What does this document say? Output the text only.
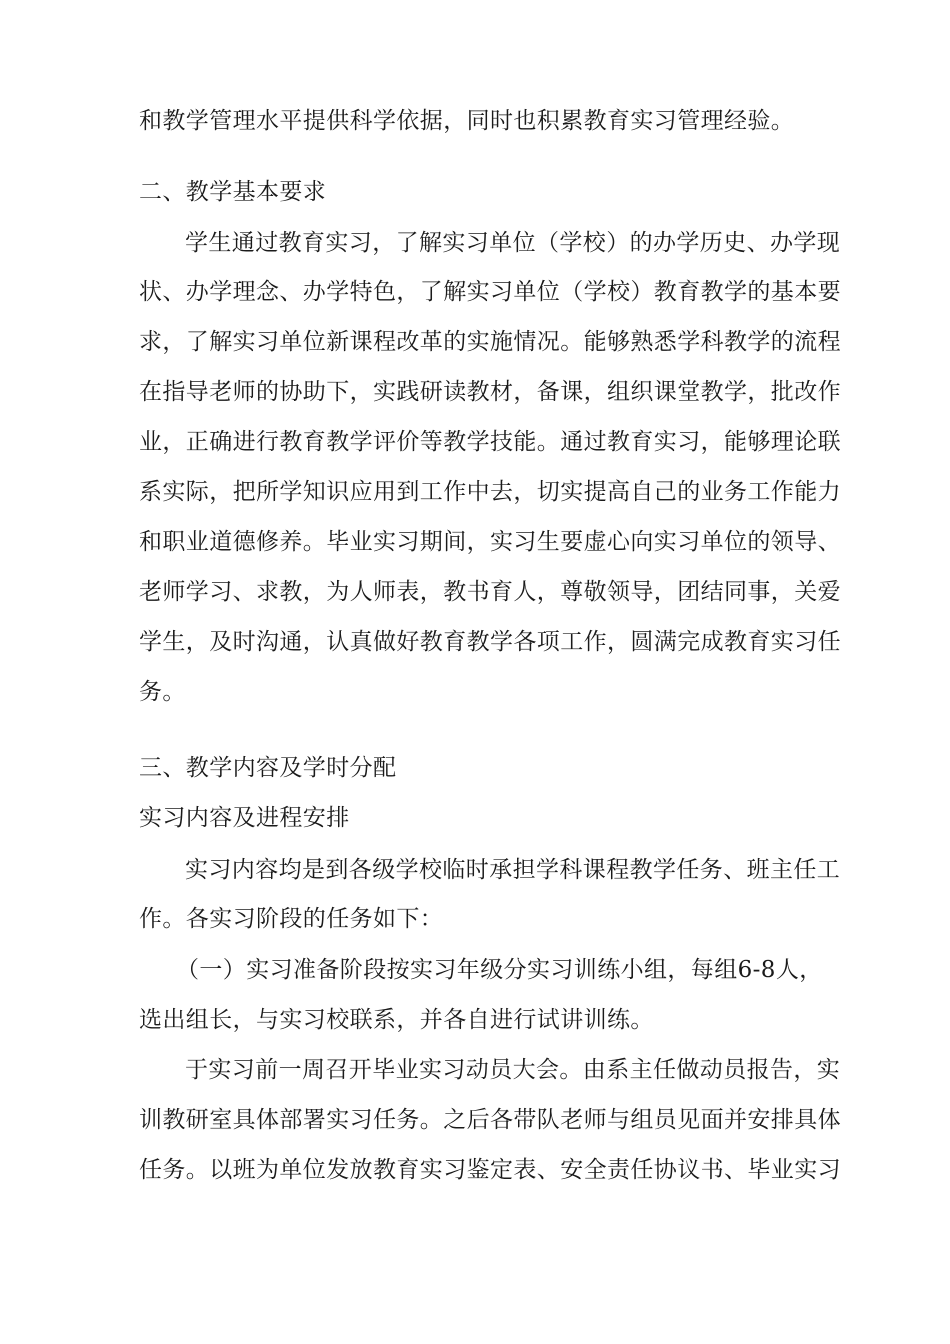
和教学管理水平提供科学依据，同时也积累教育实习管理经验。
二、教学基本要求
学生通过教育实习，了解实习单位（学校）的办学历史、办学现
状、办学理念、办学特色，了解实习单位（学校）教育教学的基本要
求，了解实习单位新课程改革的实施情况。能够熟悉学科教学的流程
在指导老师的协助下，实践研读教材，备课，组织课堂教学，批改作
业，正确进行教育教学评价等教学技能。通过教育实习，能够理论联
系实际，把所学知识应用到工作中去，切实提高自己的业务工作能力
和职业道德修养。毕业实习期间，实习生要虚心向实习单位的领导、
老师学习、求教，为人师表，教书育人，尊敬领导，团结同事，关爱
学生，及时沟通，认真做好教育教学各项工作，圆满完成教育实习任
务。
三、教学内容及学时分配
实习内容及进程安排
实习内容均是到各级学校临时承担学科课程教学任务、班主任工
作。各实习阶段的任务如下：
（一）实习准备阶段按实习年级分实习训练小组，每组6-8人，
选出组长，与实习校联系，并各自进行试讲训练。
于实习前一周召开毕业实习动员大会。由系主任做动员报告，实
训教研室具体部署实习任务。之后各带队老师与组员见面并安排具体
任务。以班为单位发放教育实习鉴定表、安全责任协议书、毕业实习
